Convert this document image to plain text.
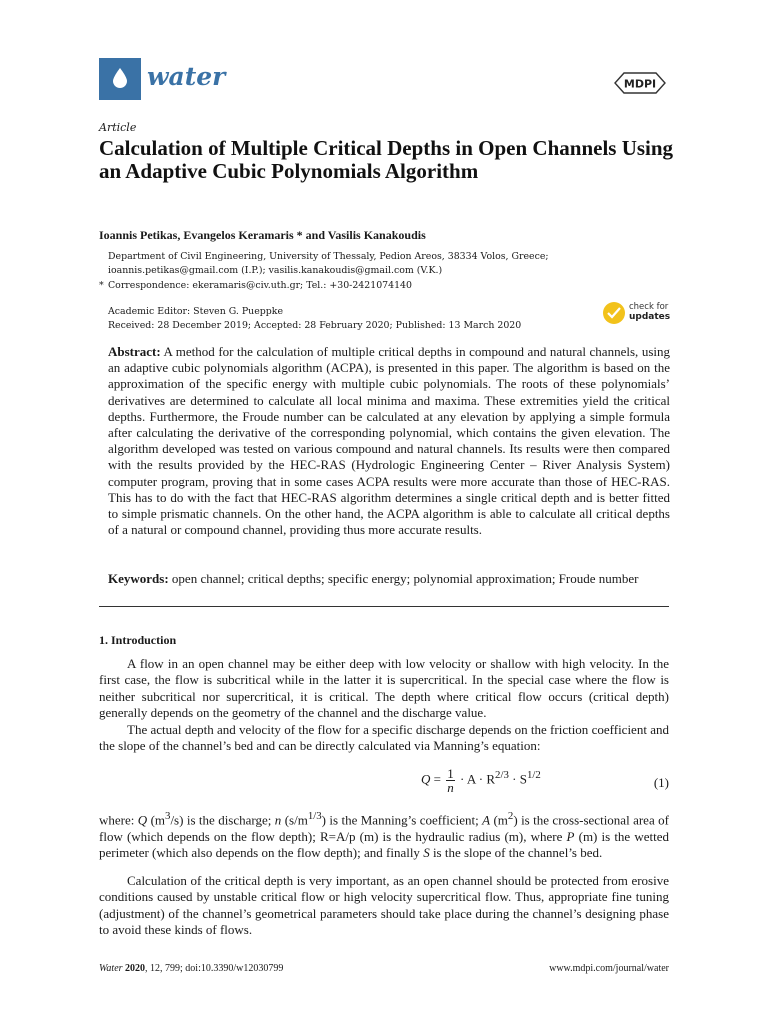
water	MDPI
Article
Calculation of Multiple Critical Depths in Open Channels Using an Adaptive Cubic Polynomials Algorithm
Ioannis Petikas, Evangelos Keramaris * and Vasilis Kanakoudis
Department of Civil Engineering, University of Thessaly, Pedion Areos, 38334 Volos, Greece;
ioannis.petikas@gmail.com (I.P.); vasilis.kanakoudis@gmail.com (V.K.)
* Correspondence: ekeramaris@civ.uth.gr; Tel.: +30-2421074140
Academic Editor: Steven G. Pueppke
Received: 28 December 2019; Accepted: 28 February 2020; Published: 13 March 2020
check for
updates
Abstract: A method for the calculation of multiple critical depths in compound and natural channels, using an adaptive cubic polynomials algorithm (ACPA), is presented in this paper. The algorithm is based on the approximation of the specific energy with multiple cubic polynomials. The roots of these polynomials’ derivatives are determined to calculate all local minima and maxima. These extremities yield the critical depths. Furthermore, the Froude number can be calculated at any elevation by applying a simple formula after calculating the derivative of the corresponding polynomial, which contains the given elevation. The algorithm developed was tested on various compound and natural channels. Its results were then compared with the results provided by the HEC-RAS (Hydrologic Engineering Center – River Analysis System) computer program, proving that in some cases ACPA results were more accurate than those of HEC-RAS. This has to do with the fact that HEC-RAS algorithm determines a single critical depth and is better fitted to simple prismatic channels. On the other hand, the ACPA algorithm is able to calculate all critical depths of a natural or compound channel, providing thus more accurate results.
Keywords: open channel; critical depths; specific energy; polynomial approximation; Froude number
1. Introduction
A flow in an open channel may be either deep with low velocity or shallow with high velocity. In the first case, the flow is subcritical while in the latter it is supercritical. In the special case where the flow is neither subcritical nor supercritical, it is critical. The depth where critical flow occurs (critical depth) generally depends on the geometry of the channel and the discharge value.
The actual depth and velocity of the flow for a specific discharge depends on the friction coefficient and the slope of the channel’s bed and can be directly calculated via Manning’s equation:
$Q = \frac{1}{n} \cdot A \cdot R^{2/3} \cdot S^{1/2}$	(1)
where: Q $(m^3/s)$ is the discharge; n $(s/m^{1/3})$ is the Manning’s coefficient; A $(m^2)$ is the cross-sectional area of flow (which depends on the flow depth); R=A/p (m) is the hydraulic radius (m), where P (m) is the wetted perimeter (which also depends on the flow depth); and finally S is the slope of the channel’s bed.
Calculation of the critical depth is very important, as an open channel should be protected from erosive conditions caused by unstable critical flow or high velocity supercritical flow. Thus, appropriate fine tuning (adjustment) of the channel’s geometrical parameters should take place during the channel’s designing phase to avoid these kinds of flows.
Water 2020, 12, 799; doi:10.3390/w12030799	www.mdpi.com/journal/water
